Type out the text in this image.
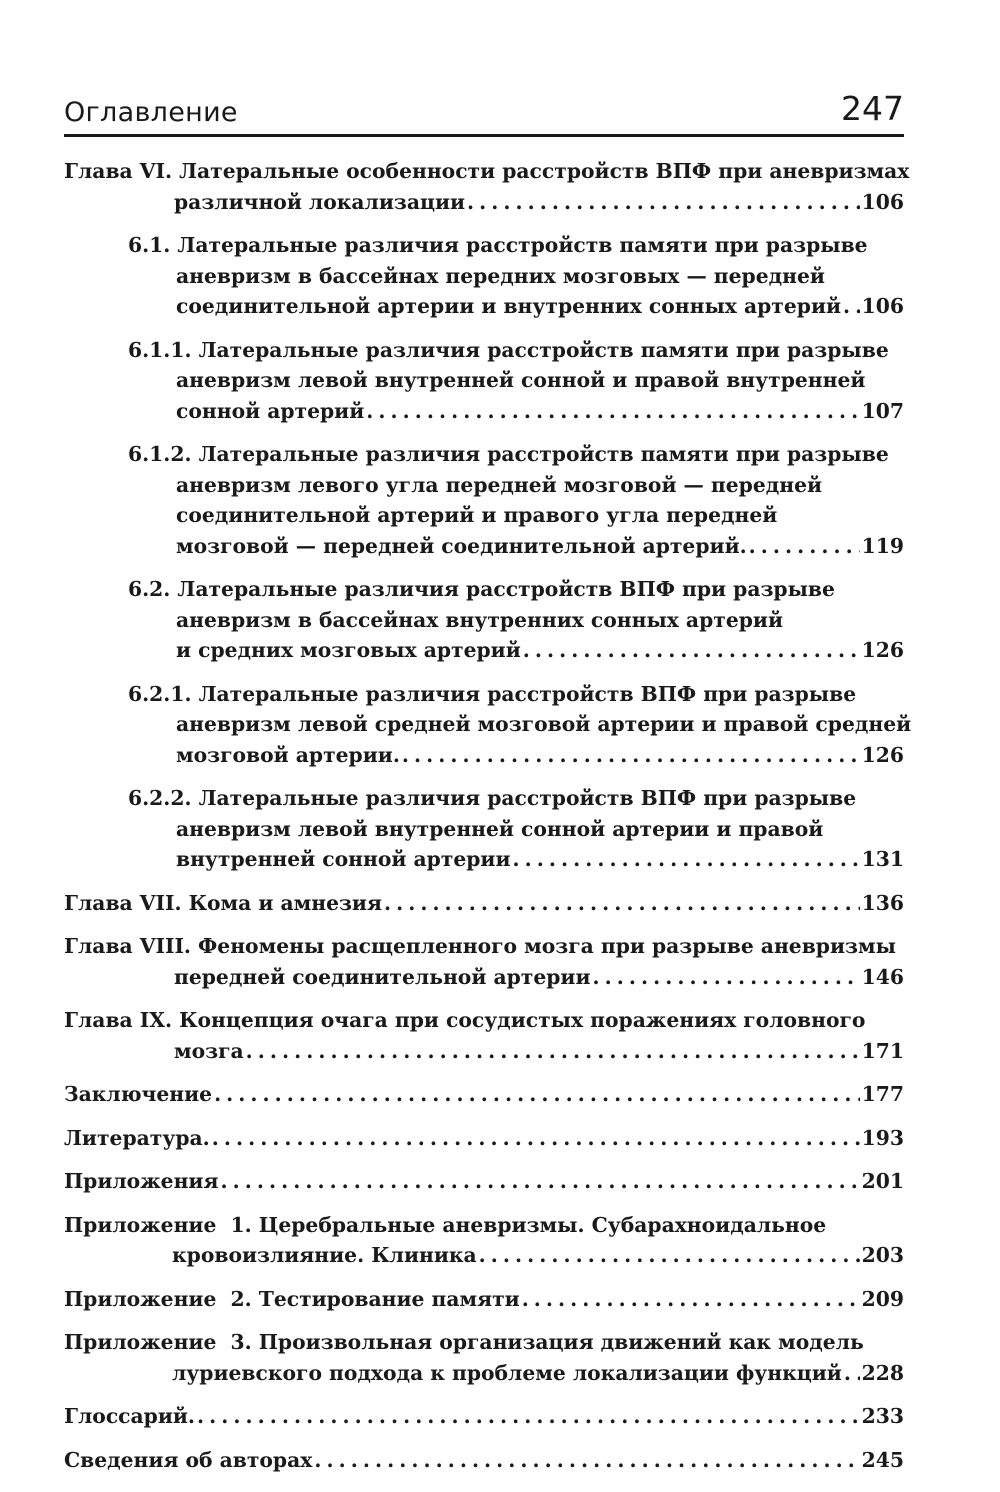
Оглавление	247
Глава VI. Латеральные особенности расстройств ВПФ при аневризмах
различной локализации . . .	106
6.1. Латеральные различия расстройств памяти при разрыве
аневризм в бассейнах передних мозговых — передней
соединительной артерии и внутренних сонных артерий . . . 106
6.1.1. Латеральные различия расстройств памяти при разрыве
аневризм левой внутренней сонной и правой внутренней
сонной артерий . . .	107
6.1.2. Латеральные различия расстройств памяти при разрыве
аневризм левого угла передней мозговой — передней
соединительной артерий и правого угла передней
мозговой — передней соединительной артерий. . . .	119
6.2. Латеральные различия расстройств ВПФ при разрыве
аневризм в бассейнах внутренних сонных артерий
и средних мозговых артерий . . .	126
6.2.1. Латеральные различия расстройств ВПФ при разрыве
аневризм левой средней мозговой артерии и правой средней
мозговой артерии. . . .	126
6.2.2. Латеральные различия расстройств ВПФ при разрыве
аневризм левой внутренней сонной артерии и правой
внутренней сонной артерии . . .	131
Глава VII. Кома и амнезия . . .	136
Глава VIII. Феномены расщепленного мозга при разрыве аневризмы
передней соединительной артерии . . .	146
Глава IX. Концепция очага при сосудистых поражениях головного
мозга . . .	171
Заключение . . .	177
Литература. . . .	193
Приложения . . .	201
Приложение  1. Церебральные аневризмы. Субарахноидальное
кровоизлияние. Клиника . . .	203
Приложение  2. Тестирование памяти . . .	209
Приложение  3. Произвольная организация движений как модель
луриевского подхода к проблеме локализации функций . . . 228
Глоссарий. . . .	233
Сведения об авторах . . .	245
